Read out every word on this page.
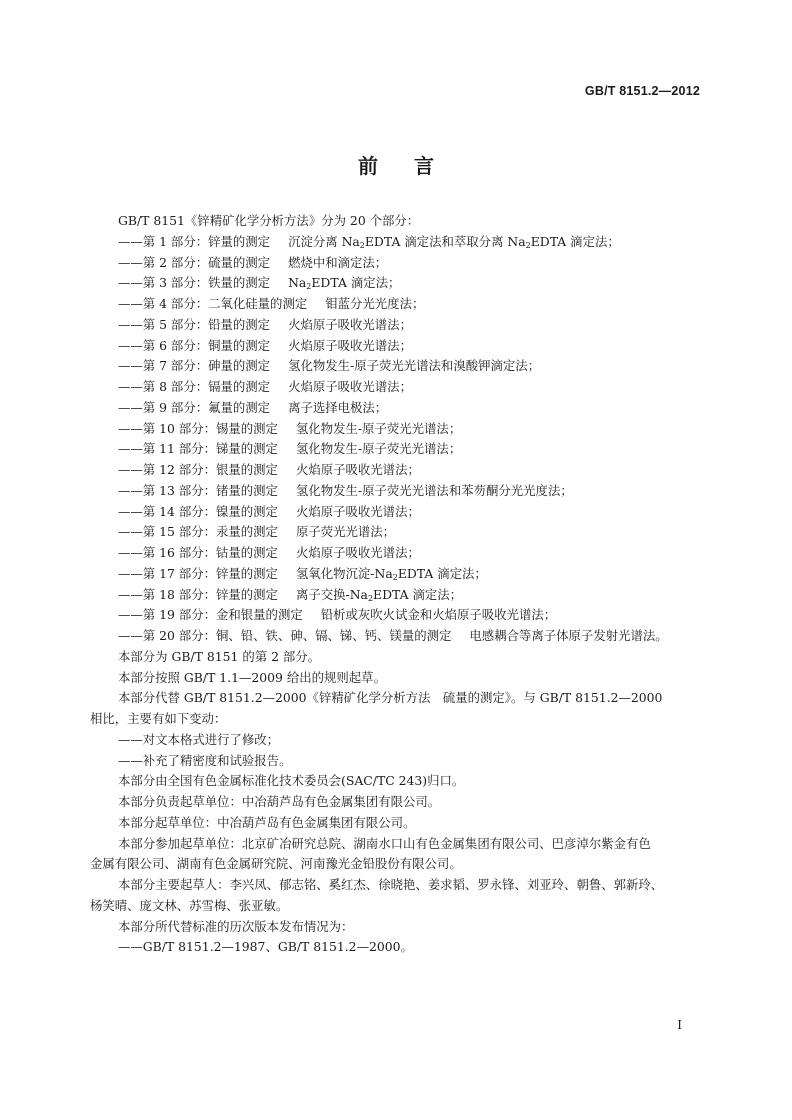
GB/T 8151.2—2012
前言
GB/T 8151《锌精矿化学分析方法》分为 20 个部分：
——第 1 部分：锌量的测定 沉淀分离 $Na_2EDTA$ 滴定法和萃取分离 $Na_2EDTA$ 滴定法；
——第 2 部分：硫量的测定 燃烧中和滴定法；
——第 3 部分：铁量的测定 $Na_2EDTA$ 滴定法；
——第 4 部分：二氧化硅量的测定 钼蓝分光光度法；
——第 5 部分：铅量的测定 火焰原子吸收光谱法；
——第 6 部分：铜量的测定 火焰原子吸收光谱法；
——第 7 部分：砷量的测定 氢化物发生-原子荧光光谱法和溴酸钾滴定法；
——第 8 部分：镉量的测定 火焰原子吸收光谱法；
——第 9 部分：氟量的测定 离子选择电极法；
——第 10 部分：锡量的测定 氢化物发生-原子荧光光谱法；
——第 11 部分：锑量的测定 氢化物发生-原子荧光光谱法；
——第 12 部分：银量的测定 火焰原子吸收光谱法；
——第 13 部分：锗量的测定 氢化物发生-原子荧光光谱法和苯芴酮分光光度法；
——第 14 部分：镍量的测定 火焰原子吸收光谱法；
——第 15 部分：汞量的测定 原子荧光光谱法；
——第 16 部分：钴量的测定 火焰原子吸收光谱法；
——第 17 部分：锌量的测定 氢氧化物沉淀$-Na_2EDTA$ 滴定法；
——第 18 部分：锌量的测定 离子交换$-Na_2EDTA$ 滴定法；
——第 19 部分：金和银量的测定 铅析或灰吹火试金和火焰原子吸收光谱法；
——第 20 部分：铜、铅、铁、砷、镉、锑、钙、镁量的测定 电感耦合等离子体原子发射光谱法。
本部分为 GB/T 8151 的第 2 部分。
本部分按照 GB/T 1.1—2009 给出的规则起草。
本部分代替 GB/T 8151.2—2000《锌精矿化学分析方法　硫量的测定》。与 GB/T 8151.2—2000
相比，主要有如下变动：
——对文本格式进行了修改；
——补充了精密度和试验报告。
本部分由全国有色金属标准化技术委员会(SAC/TC 243)归口。
本部分负责起草单位：中冶葫芦岛有色金属集团有限公司。
本部分起草单位：中冶葫芦岛有色金属集团有限公司。
本部分参加起草单位：北京矿冶研究总院、湖南水口山有色金属集团有限公司、巴彦淖尔紫金有色
金属有限公司、湖南有色金属研究院、河南豫光金铅股份有限公司。
本部分主要起草人：李兴凤、郁志铭、奚红杰、徐晓艳、姜求韬、罗永锋、刘亚玲、朝鲁、郭新玲、
杨笑晴、庞文林、苏雪梅、张亚敏。
本部分所代替标准的历次版本发布情况为：
——GB/T 8151.2—1987、GB/T 8151.2—2000。
I
